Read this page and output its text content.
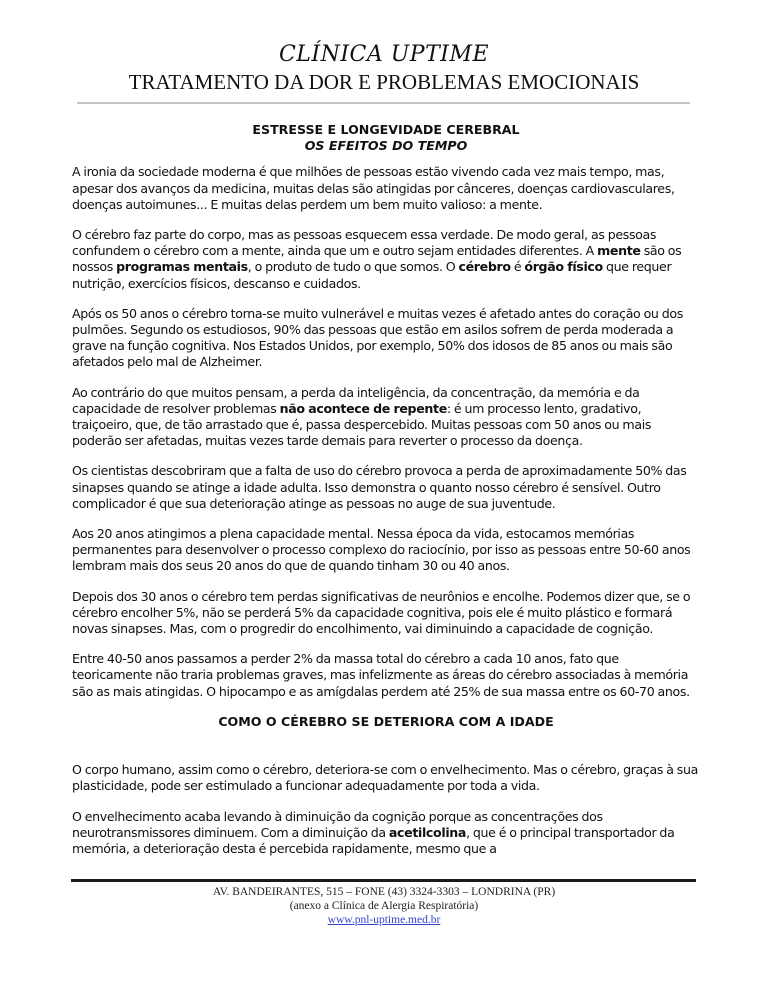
CLÍNICA UPTIME
TRATAMENTO DA DOR E PROBLEMAS EMOCIONAIS
ESTRESSE E LONGEVIDADE CEREBRAL
OS EFEITOS DO TEMPO

A ironia da sociedade moderna é que milhões de pessoas estão vivendo cada vez mais tempo, mas, apesar dos avanços da medicina, muitas delas são atingidas por cânceres, doenças cardiovasculares, doenças autoimunes... E muitas delas perdem um bem muito valioso: a mente.

O cérebro faz parte do corpo, mas as pessoas esquecem essa verdade. De modo geral, as pessoas confundem o cérebro com a mente, ainda que um e outro sejam entidades diferentes. A mente são os nossos programas mentais, o produto de tudo o que somos. O cérebro é órgão físico que requer nutrição, exercícios físicos, descanso e cuidados.

Após os 50 anos o cérebro torna-se muito vulnerável e muitas vezes é afetado antes do coração ou dos pulmões. Segundo os estudiosos, 90% das pessoas que estão em asilos sofrem de perda moderada a grave na função cognitiva. Nos Estados Unidos, por exemplo, 50% dos idosos de 85 anos ou mais são afetados pelo mal de Alzheimer.

Ao contrário do que muitos pensam, a perda da inteligência, da concentração, da memória e da capacidade de resolver problemas não acontece de repente: é um processo lento, gradativo, traiçoeiro, que, de tão arrastado que é, passa despercebido. Muitas pessoas com 50 anos ou mais poderão ser afetadas, muitas vezes tarde demais para reverter o processo da doença.

Os cientistas descobriram que a falta de uso do cérebro provoca a perda de aproximadamente 50% das sinapses quando se atinge a idade adulta. Isso demonstra o quanto nosso cérebro é sensível. Outro complicador é que sua deterioração atinge as pessoas no auge de sua juventude.

Aos 20 anos atingimos a plena capacidade mental. Nessa época da vida, estocamos memórias permanentes para desenvolver o processo complexo do raciocínio, por isso as pessoas entre 50-60 anos lembram mais dos seus 20 anos do que de quando tinham 30 ou 40 anos.

Depois dos 30 anos o cérebro tem perdas significativas de neurônios e encolhe. Podemos dizer que, se o cérebro encolher 5%, não se perderá 5% da capacidade cognitiva, pois ele é muito plástico e formará novas sinapses. Mas, com o progredir do encolhimento, vai diminuindo a capacidade de cognição.

Entre 40-50 anos passamos a perder 2% da massa total do cérebro a cada 10 anos, fato que teoricamente não traria problemas graves, mas infelizmente as áreas do cérebro associadas à memória são as mais atingidas. O hipocampo e as amígdalas perdem até 25% de sua massa entre os 60-70 anos.

COMO O CÉREBRO SE DETERIORA COM A IDADE

O corpo humano, assim como o cérebro, deteriora-se com o envelhecimento. Mas o cérebro, graças à sua plasticidade, pode ser estimulado a funcionar adequadamente por toda a vida.

O envelhecimento acaba levando à diminuição da cognição porque as concentrações dos neurotransmissores diminuem. Com a diminuição da acetilcolina, que é o principal transportador da memória, a deterioração desta é percebida rapidamente, mesmo que a

AV. BANDEIRANTES, 515 – FONE (43) 3324-3303 – LONDRINA (PR)
(anexo a Clínica de Alergia Respiratória)
www.pnl-uptime.med.br
